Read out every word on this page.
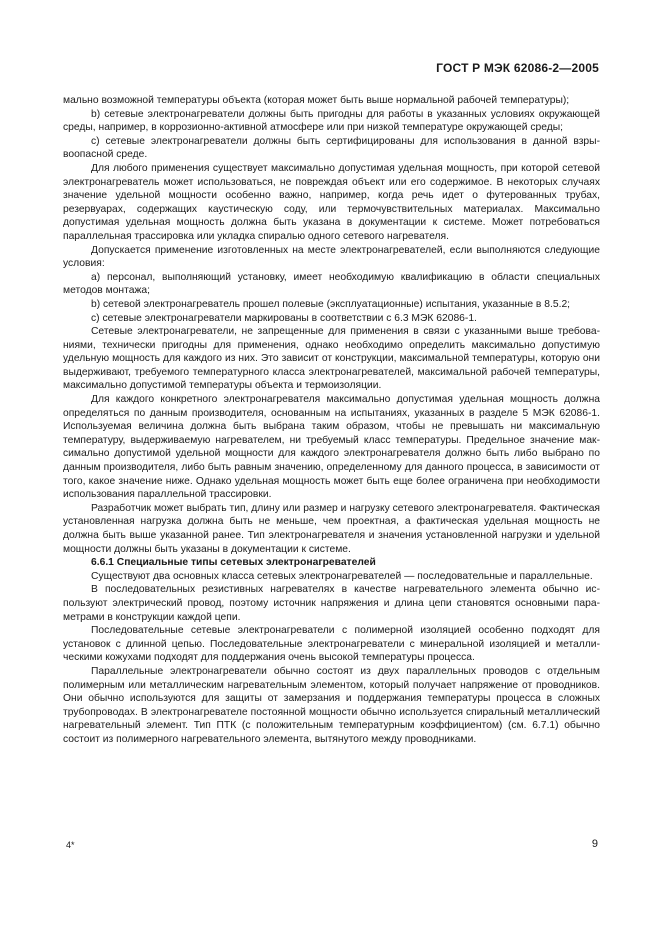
ГОСТ Р МЭК 62086-2—2005

мально возможной температуры объекта (которая может быть выше нормальной рабочей температуры);

b) сетевые электронагреватели должны быть пригодны для работы в указанных условиях окружающей среды, например, в коррозионно-активной атмосфере или при низкой температуре окружающей среды;

c) сетевые электронагреватели должны быть сертифицированы для использования в данной взрывоопасной среде.

Для любого применения существует максимально допустимая удельная мощность, при которой сетевой электронагреватель может использоваться, не повреждая объект или его содержимое. В некоторых случаях значение удельной мощности особенно важно, например, когда речь идет о футерованных трубах, резервуарах, содержащих каустическую соду, или термочувствительных материалах. Максимально допустимая удельная мощность должна быть указана в документации к системе. Может потребоваться параллельная трассировка или укладка спиралью одного сетевого нагревателя.

Допускается применение изготовленных на месте электронагревателей, если выполняются следующие условия:

a) персонал, выполняющий установку, имеет необходимую квалификацию в области специальных методов монтажа;

b) сетевой электронагреватель прошел полевые (эксплуатационные) испытания, указанные в 8.5.2;

c) сетевые электронагреватели маркированы в соответствии с 6.3 МЭК 62086-1.

Сетевые электронагреватели, не запрещенные для применения в связи с указанными выше требованиями, технически пригодны для применения, однако необходимо определить максимально допустимую удельную мощность для каждого из них. Это зависит от конструкции, максимальной температуры, которую они выдерживают, требуемого температурного класса электронагревателей, максимальной рабочей температуры, максимально допустимой температуры объекта и термоизоляции.

Для каждого конкретного электронагревателя максимально допустимая удельная мощность должна определяться по данным производителя, основанным на испытаниях, указанных в разделе 5 МЭК 62086-1. Используемая величина должна быть выбрана таким образом, чтобы не превышать ни максимальную температуру, выдерживаемую нагревателем, ни требуемый класс температуры. Предельное значение максимально допустимой удельной мощности для каждого электронагревателя должно быть либо выбрано по данным производителя, либо быть равным значению, определенному для данного процесса, в зависимости от того, какое значение ниже. Однако удельная мощность может быть еще более ограничена при необходимости использования параллельной трассировки.

Разработчик может выбрать тип, длину или размер и нагрузку сетевого электронагревателя. Фактическая установленная нагрузка должна быть не меньше, чем проектная, а фактическая удельная мощность не должна быть выше указанной ранее. Тип электронагревателя и значения установленной нагрузки и удельной мощности должны быть указаны в документации к системе.

6.6.1 Специальные типы сетевых электронагревателей

Существуют два основных класса сетевых электронагревателей — последовательные и параллельные.

В последовательных резистивных нагревателях в качестве нагревательного элемента обычно используют электрический провод, поэтому источник напряжения и длина цепи становятся основными параметрами в конструкции каждой цепи.

Последовательные сетевые электронагреватели с полимерной изоляцией особенно подходят для установок с длинной цепью. Последовательные электронагреватели с минеральной изоляцией и металлическими кожухами подходят для поддержания очень высокой температуры процесса.

Параллельные электронагреватели обычно состоят из двух параллельных проводов с отдельным полимерным или металлическим нагревательным элементом, который получает напряжение от проводников. Они обычно используются для защиты от замерзания и поддержания температуры процесса в сложных трубопроводах. В электронагревателе постоянной мощности обычно используется спиральный металлический нагревательный элемент. Тип ПТК (с положительным температурным коэффициентом) (см. 6.7.1) обычно состоит из полимерного нагревательного элемента, вытянутого между проводниками.

4*	9
